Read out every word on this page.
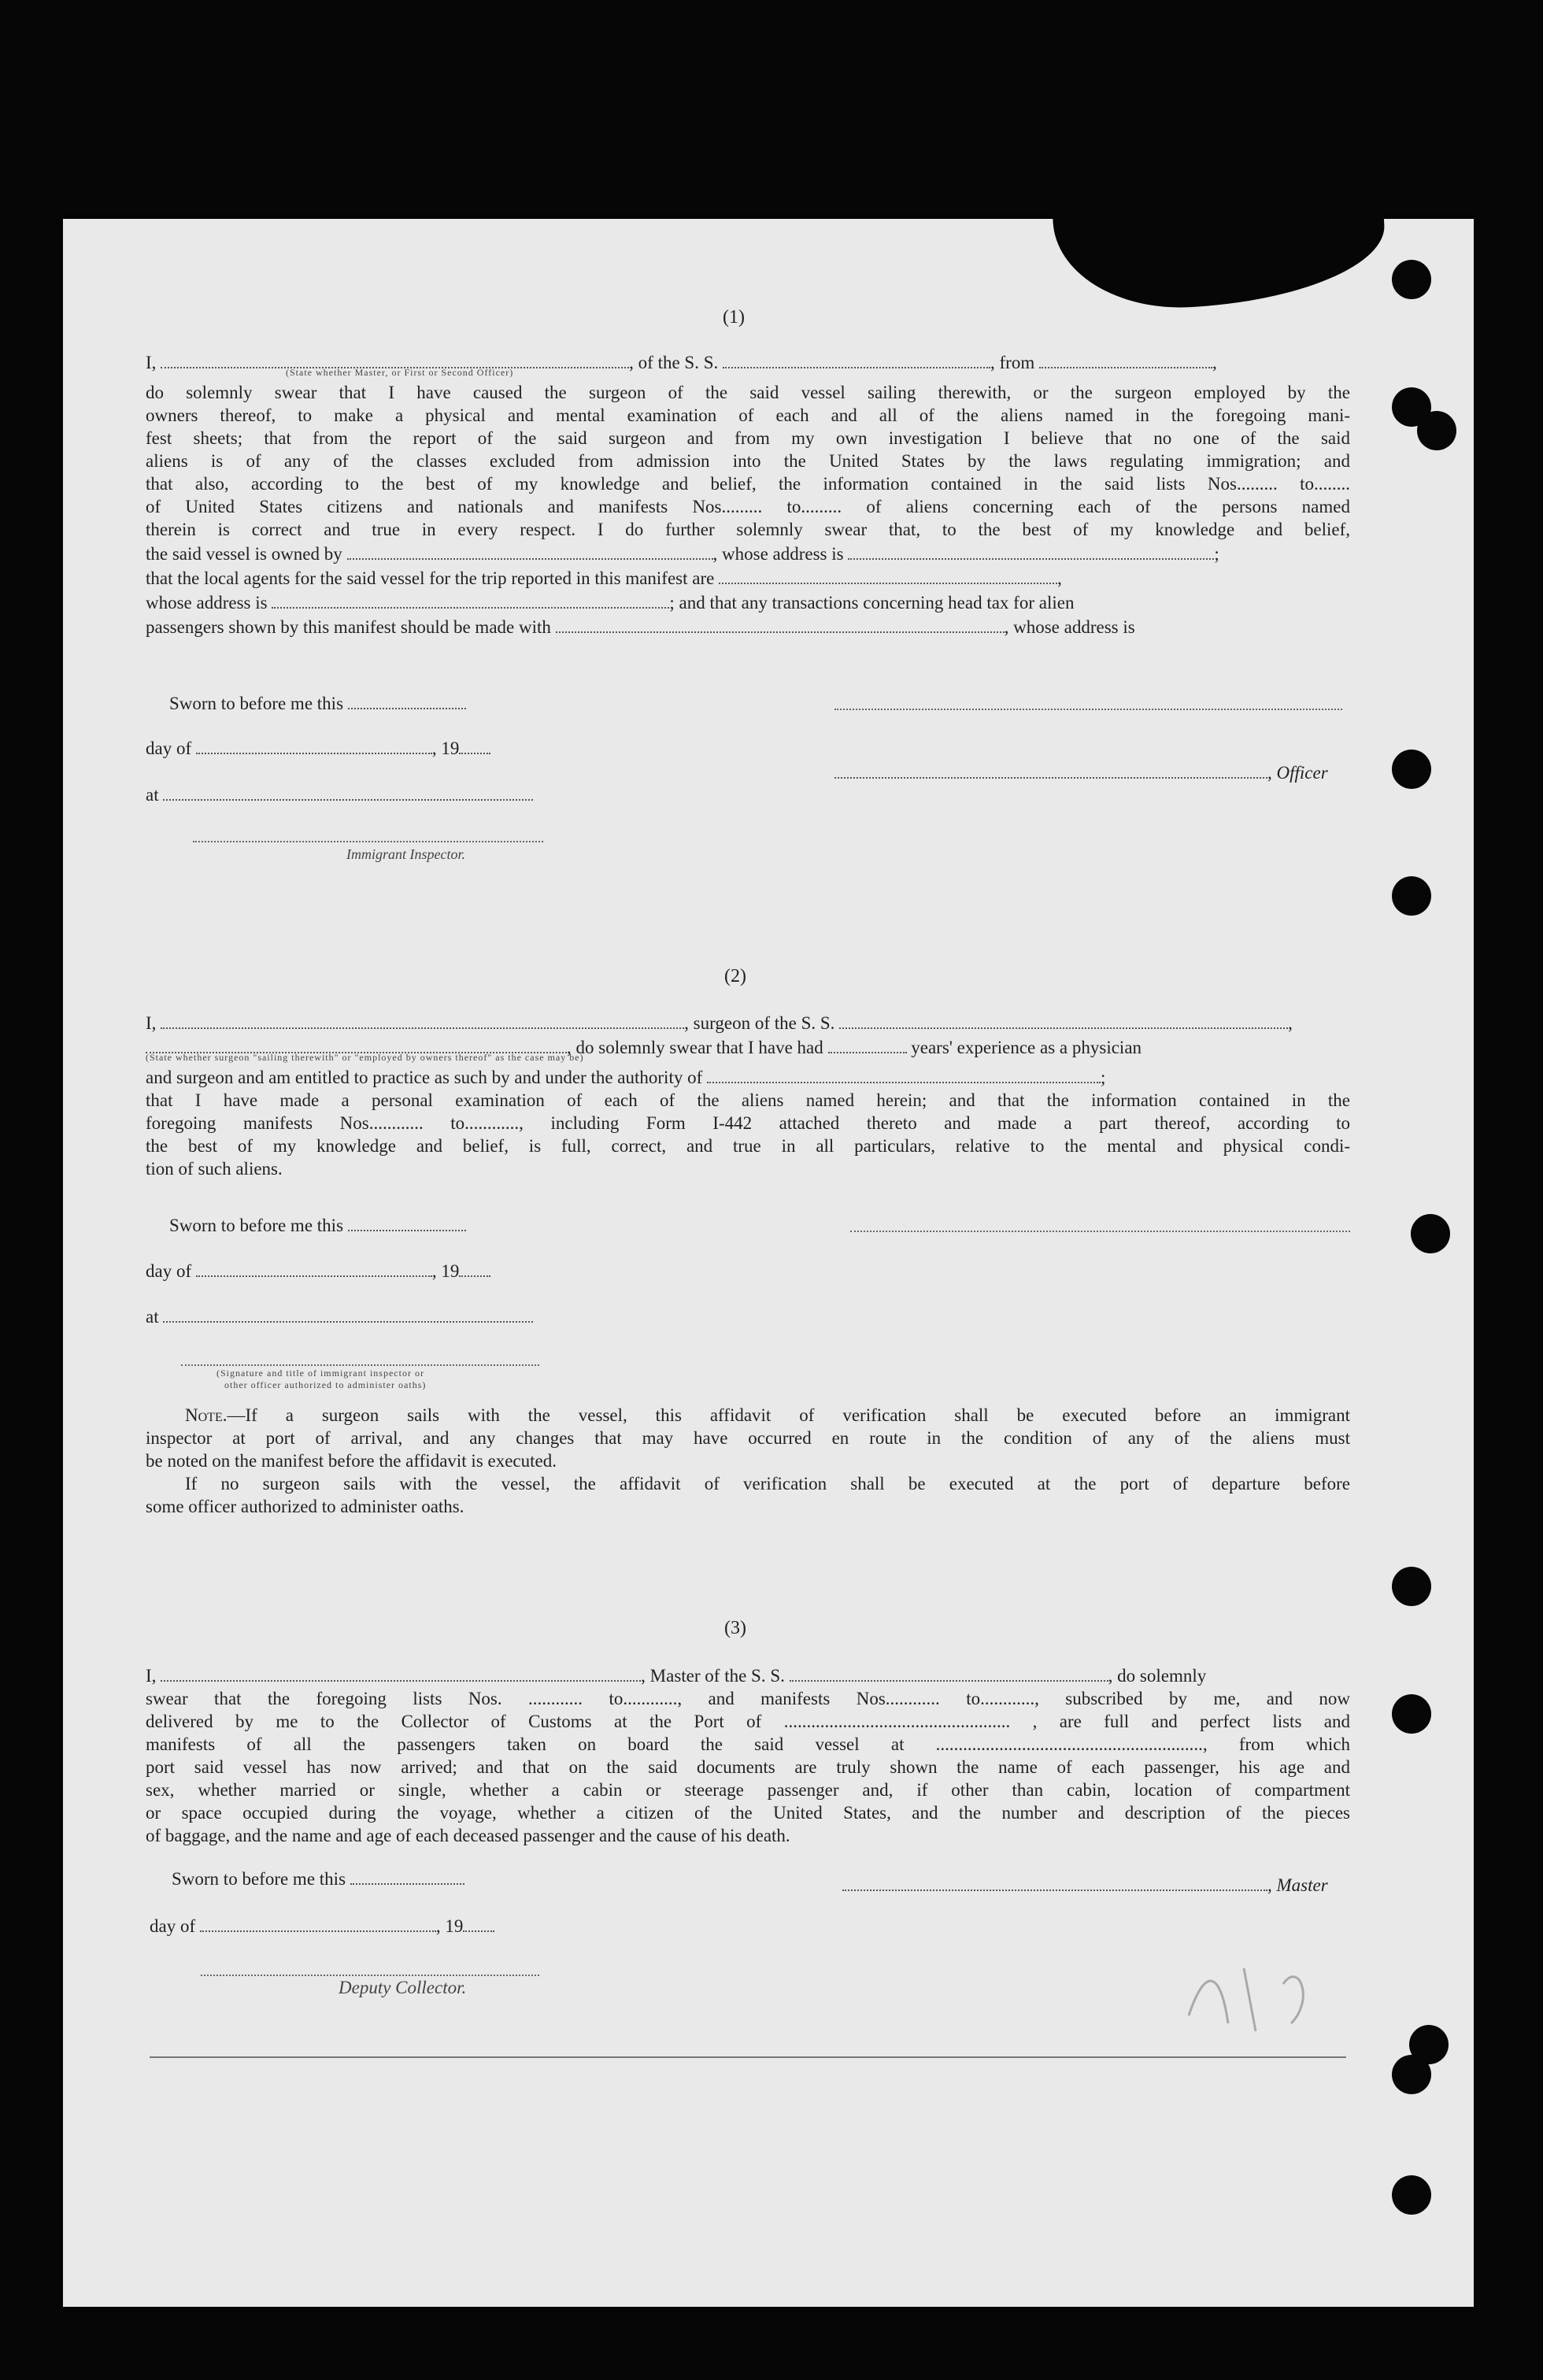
(1)
I,	, of the S. S.	, from	,
(State whether Master, or First or Second Officer)
do solemnly swear that I have caused the surgeon of the said vessel sailing therewith, or the surgeon employed by the
owners thereof, to make a physical and mental examination of each and all of the aliens named in the foregoing mani-
fest sheets; that from the report of the said surgeon and from my own investigation I believe that no one of the said
aliens is of any of the classes excluded from admission into the United States by the laws regulating immigration; and
that also, according to the best of my knowledge and belief, the information contained in the said lists Nos......... to........
of United States citizens and nationals and manifests Nos......... to......... of aliens concerning each of the persons named
therein is correct and true in every respect. I do further solemnly swear that, to the best of my knowledge and belief,
the said vessel is owned by	, whose address is	;
that the local agents for the said vessel for the trip reported in this manifest are	,
whose address is	; and that any transactions concerning head tax for alien
passengers shown by this manifest should be made with	, whose address is
Sworn to before me this
day of	, 19
at
Immigrant Inspector.
, Officer
(2)
I,	, surgeon of the S. S.	,
, do solemnly swear that I have had	years' experience as a physician
(State whether surgeon "sailing therewith" or "employed by owners thereof" as the case may be)
and surgeon and am entitled to practice as such by and under the authority of	;
that I have made a personal examination of each of the aliens named herein; and that the information contained in the
foregoing manifests Nos............ to............, including Form I-442 attached thereto and made a part thereof, according to
the best of my knowledge and belief, is full, correct, and true in all particulars, relative to the mental and physical condi-
tion of such aliens.
Sworn to before me this
day of	, 19
at
(Signature and title of immigrant inspector or
other officer authorized to administer oaths)
Note.—If a surgeon sails with the vessel, this affidavit of verification shall be executed before an immigrant
inspector at port of arrival, and any changes that may have occurred en route in the condition of any of the aliens must
be noted on the manifest before the affidavit is executed.
If no surgeon sails with the vessel, the affidavit of verification shall be executed at the port of departure before
some officer authorized to administer oaths.
(3)
I,	, Master of the S. S.	, do solemnly
swear that the foregoing lists Nos. ............ to............, and manifests Nos............ to............, subscribed by me, and now
delivered by me to the Collector of Customs at the Port of .................................................. , are full and perfect lists and
manifests of all the passengers taken on board the said vessel at ..........................................................., from which
port said vessel has now arrived; and that on the said documents are truly shown the name of each passenger, his age and
sex, whether married or single, whether a cabin or steerage passenger and, if other than cabin, location of compartment
or space occupied during the voyage, whether a citizen of the United States, and the number and description of the pieces
of baggage, and the name and age of each deceased passenger and the cause of his death.
Sworn to before me this	, Master
day of	, 19
Deputy Collector.
